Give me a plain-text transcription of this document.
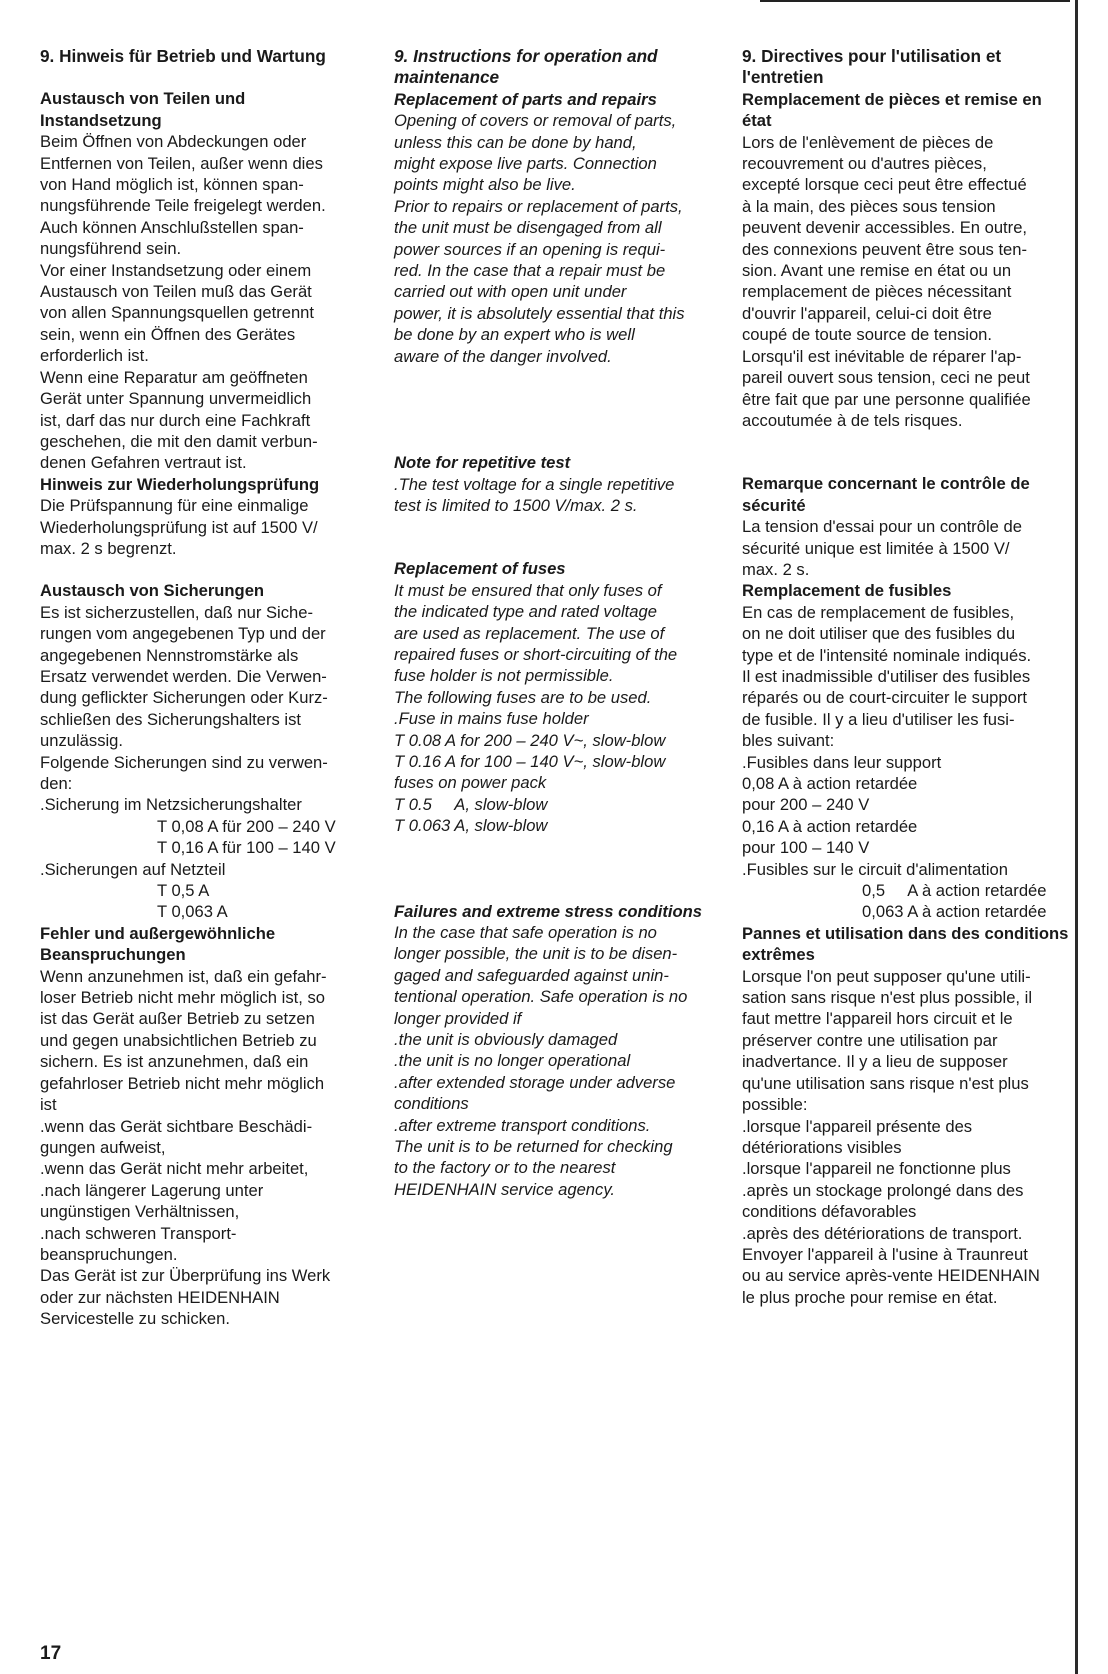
9. Hinweis für Betrieb und Wartung
Austausch von Teilen und Instandsetzung
Beim Öffnen von Abdeckungen oder
Entfernen von Teilen, außer wenn dies
von Hand möglich ist, können span-
nungsführende Teile freigelegt werden.
Auch können Anschlußstellen span-
nungsführend sein.
Vor einer Instandsetzung oder einem
Austausch von Teilen muß das Gerät
von allen Spannungsquellen getrennt
sein, wenn ein Öffnen des Gerätes
erforderlich ist.
Wenn eine Reparatur am geöffneten
Gerät unter Spannung unvermeidlich
ist, darf das nur durch eine Fachkraft
geschehen, die mit den damit verbun-
denen Gefahren vertraut ist.
Hinweis zur Wiederholungsprüfung
Die Prüfspannung für eine einmalige
Wiederholungsprüfung ist auf 1500 V/
max. 2 s begrenzt.
Austausch von Sicherungen
Es ist sicherzustellen, daß nur Siche-
rungen vom angegebenen Typ und der
angegebenen Nennstromstärke als
Ersatz verwendet werden. Die Verwen-
dung geflickter Sicherungen oder Kurz-
schließen des Sicherungshalters ist
unzulässig.
Folgende Sicherungen sind zu verwen-
den:
.Sicherung im Netzsicherungshalter
T 0,08 A für 200 – 240 V
T 0,16 A für 100 – 140 V

.Sicherungen auf Netzteil

T 0,5 A
T 0,063 A
Fehler und außergewöhnliche Beanspruchungen
Wenn anzunehmen ist, daß ein gefahr-
loser Betrieb nicht mehr möglich ist, so
ist das Gerät außer Betrieb zu setzen
und gegen unabsichtlichen Betrieb zu
sichern. Es ist anzunehmen, daß ein
gefahrloser Betrieb nicht mehr möglich
ist
.wenn das Gerät sichtbare Beschädi-
gungen aufweist,
.wenn das Gerät nicht mehr arbeitet,
.nach längerer Lagerung unter
ungünstigen Verhältnissen,
.nach schweren Transport-
beanspruchungen.
Das Gerät ist zur Überprüfung ins Werk
oder zur nächsten HEIDENHAIN
Servicestelle zu schicken.
9. Instructions for operation and maintenance
Replacement of parts and repairs
Opening of covers or removal of parts,
unless this can be done by hand,
might expose live parts. Connection
points might also be live.
Prior to repairs or replacement of parts,
the unit must be disengaged from all
power sources if an opening is requi-
red. In the case that a repair must be
carried out with open unit under
power, it is absolutely essential that this
be done by an expert who is well
aware of the danger involved.
Note for repetitive test
.The test voltage for a single repetitive
test is limited to 1500 V/max. 2 s.
Replacement of fuses
It must be ensured that only fuses of
the indicated type and rated voltage
are used as replacement. The use of
repaired fuses or short-circuiting of the
fuse holder is not permissible.
The following fuses are to be used.
.Fuse in mains fuse holder
T 0.08 A for 200 – 240 V~, slow-blow
T 0.16 A for 100 – 140 V~, slow-blow
fuses on power pack
T 0.5     A, slow-blow
T 0.063 A, slow-blow
Failures and extreme stress conditions
In the case that safe operation is no
longer possible, the unit is to be disen-
gaged and safeguarded against unin-
tentional operation. Safe operation is no
longer provided if
.the unit is obviously damaged
.the unit is no longer operational
.after extended storage under adverse
conditions
.after extreme transport conditions.
The unit is to be returned for checking
to the factory or to the nearest
HEIDENHAIN service agency.
9. Directives pour l'utilisation et l'entretien
Remplacement de pièces et remise en état
Lors de l'enlèvement de pièces de
recouvrement ou d'autres pièces,
excepté lorsque ceci peut être effectué
à la main, des pièces sous tension
peuvent devenir accessibles. En outre,
des connexions peuvent être sous ten-
sion. Avant une remise en état ou un
remplacement de pièces nécessitant
d'ouvrir l'appareil, celui-ci doit être
coupé de toute source de tension.
Lorsqu'il est inévitable de réparer l'ap-
pareil ouvert sous tension, ceci ne peut
être fait que par une personne qualifiée
accoutumée à de tels risques.
Remarque concernant le contrôle de sécurité
La tension d'essai pour un contrôle de
sécurité unique est limitée à 1500 V/
max. 2 s.
Remplacement de fusibles
En cas de remplacement de fusibles,
on ne doit utiliser que des fusibles du
type et de l'intensité nominale indiqués.
Il est inadmissible d'utiliser des fusibles
réparés ou de court-circuiter le support
de fusible. Il y a lieu d'utiliser les fusi-
bles suivant:
.Fusibles dans leur support
0,08 A à action retardée
pour 200 – 240 V
0,16 A à action retardée
pour 100 – 140 V
.Fusibles sur le circuit d'alimentation
0,5     A à action retardée
0,063 A à action retardée
Pannes et utilisation dans des conditions extrêmes
Lorsque l'on peut supposer qu'une utili-
sation sans risque n'est plus possible, il
faut mettre l'appareil hors circuit et le
préserver contre une utilisation par
inadvertance. Il y a lieu de supposer
qu'une utilisation sans risque n'est plus
possible:
.lorsque l'appareil présente des
détériorations visibles
.lorsque l'appareil ne fonctionne plus
.après un stockage prolongé dans des
conditions défavorables
.après des détériorations de transport.
Envoyer l'appareil à l'usine à Traunreut
ou au service après-vente HEIDENHAIN
le plus proche pour remise en état.
17
